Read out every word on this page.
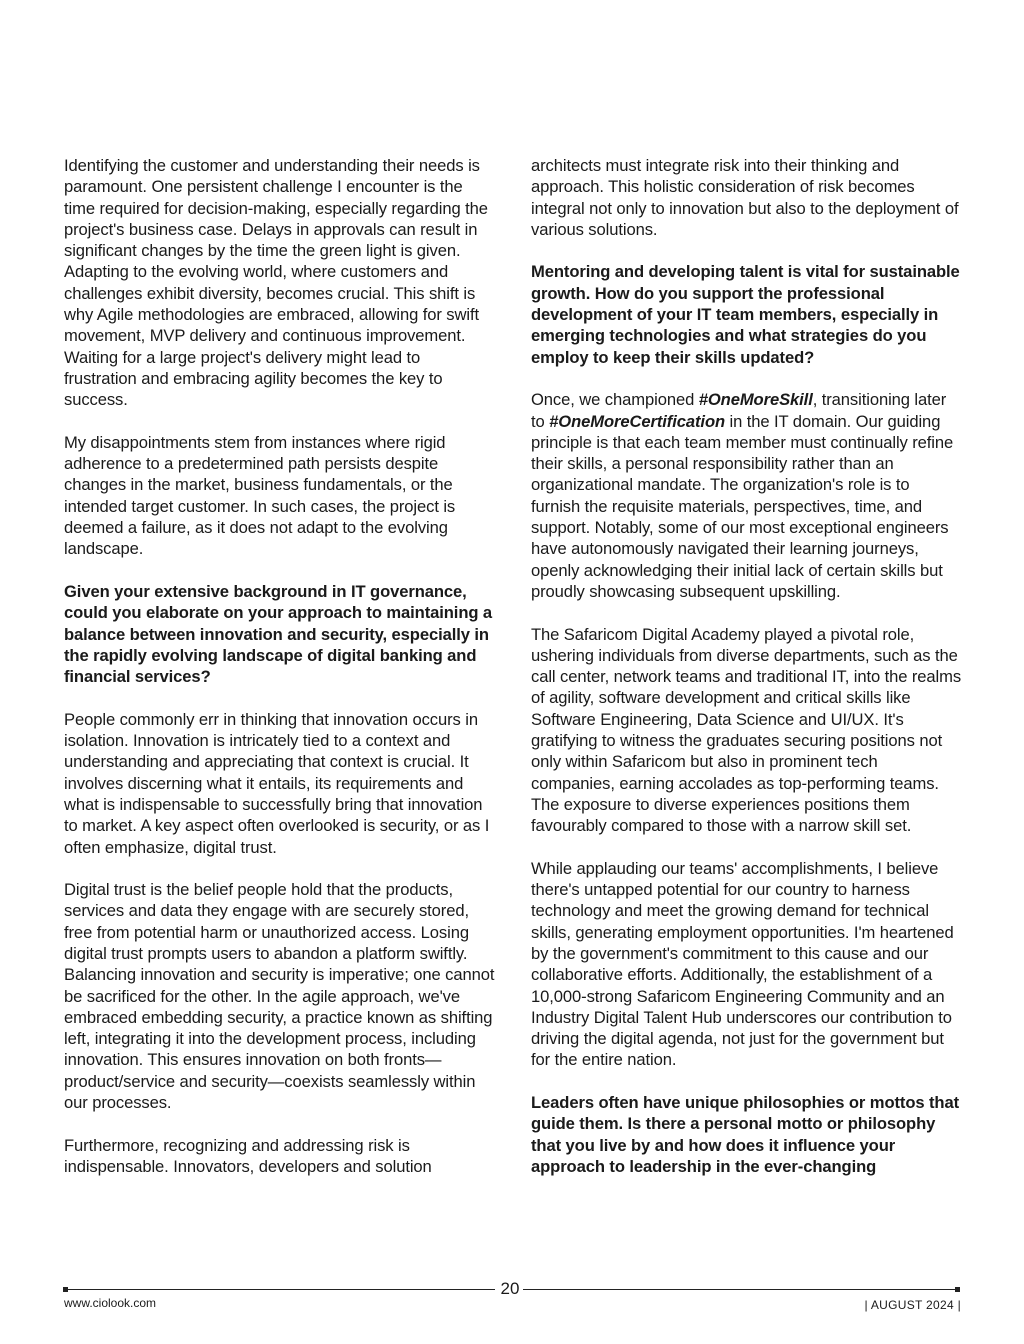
Identifying the customer and understanding their needs is paramount. One persistent challenge I encounter is the time required for decision-making, especially regarding the project's business case. Delays in approvals can result in significant changes by the time the green light is given. Adapting to the evolving world, where customers and challenges exhibit diversity, becomes crucial. This shift is why Agile methodologies are embraced, allowing for swift movement, MVP delivery and continuous improvement. Waiting for a large project's delivery might lead to frustration and embracing agility becomes the key to success.

My disappointments stem from instances where rigid adherence to a predetermined path persists despite changes in the market, business fundamentals, or the intended target customer. In such cases, the project is deemed a failure, as it does not adapt to the evolving landscape.

Given your extensive background in IT governance, could you elaborate on your approach to maintaining a balance between innovation and security, especially in the rapidly evolving landscape of digital banking and financial services?

People commonly err in thinking that innovation occurs in isolation. Innovation is intricately tied to a context and understanding and appreciating that context is crucial. It involves discerning what it entails, its requirements and what is indispensable to successfully bring that innovation to market. A key aspect often overlooked is security, or as I often emphasize, digital trust.

Digital trust is the belief people hold that the products, services and data they engage with are securely stored, free from potential harm or unauthorized access. Losing digital trust prompts users to abandon a platform swiftly. Balancing innovation and security is imperative; one cannot be sacrificed for the other. In the agile approach, we've embraced embedding security, a practice known as shifting left, integrating it into the development process, including innovation. This ensures innovation on both fronts—product/service and security—coexists seamlessly within our processes.

Furthermore, recognizing and addressing risk is indispensable. Innovators, developers and solution

architects must integrate risk into their thinking and approach. This holistic consideration of risk becomes integral not only to innovation but also to the deployment of various solutions.

Mentoring and developing talent is vital for sustainable growth. How do you support the professional development of your IT team members, especially in emerging technologies and what strategies do you employ to keep their skills updated?

Once, we championed #OneMoreSkill, transitioning later to #OneMoreCertification in the IT domain. Our guiding principle is that each team member must continually refine their skills, a personal responsibility rather than an organizational mandate. The organization's role is to furnish the requisite materials, perspectives, time, and support. Notably, some of our most exceptional engineers have autonomously navigated their learning journeys, openly acknowledging their initial lack of certain skills but proudly showcasing subsequent upskilling.

The Safaricom Digital Academy played a pivotal role, ushering individuals from diverse departments, such as the call center, network teams and traditional IT, into the realms of agility, software development and critical skills like Software Engineering, Data Science and UI/UX. It's gratifying to witness the graduates securing positions not only within Safaricom but also in prominent tech companies, earning accolades as top-performing teams. The exposure to diverse experiences positions them favourably compared to those with a narrow skill set.

While applauding our teams' accomplishments, I believe there's untapped potential for our country to harness technology and meet the growing demand for technical skills, generating employment opportunities. I'm heartened by the government's commitment to this cause and our collaborative efforts. Additionally, the establishment of a 10,000-strong Safaricom Engineering Community and an Industry Digital Talent Hub underscores our contribution to driving the digital agenda, not just for the government but for the entire nation.

Leaders often have unique philosophies or mottos that guide them. Is there a personal motto or philosophy that you live by and how does it influence your approach to leadership in the ever-changing

20
www.ciolook.com	| AUGUST 2024 |
